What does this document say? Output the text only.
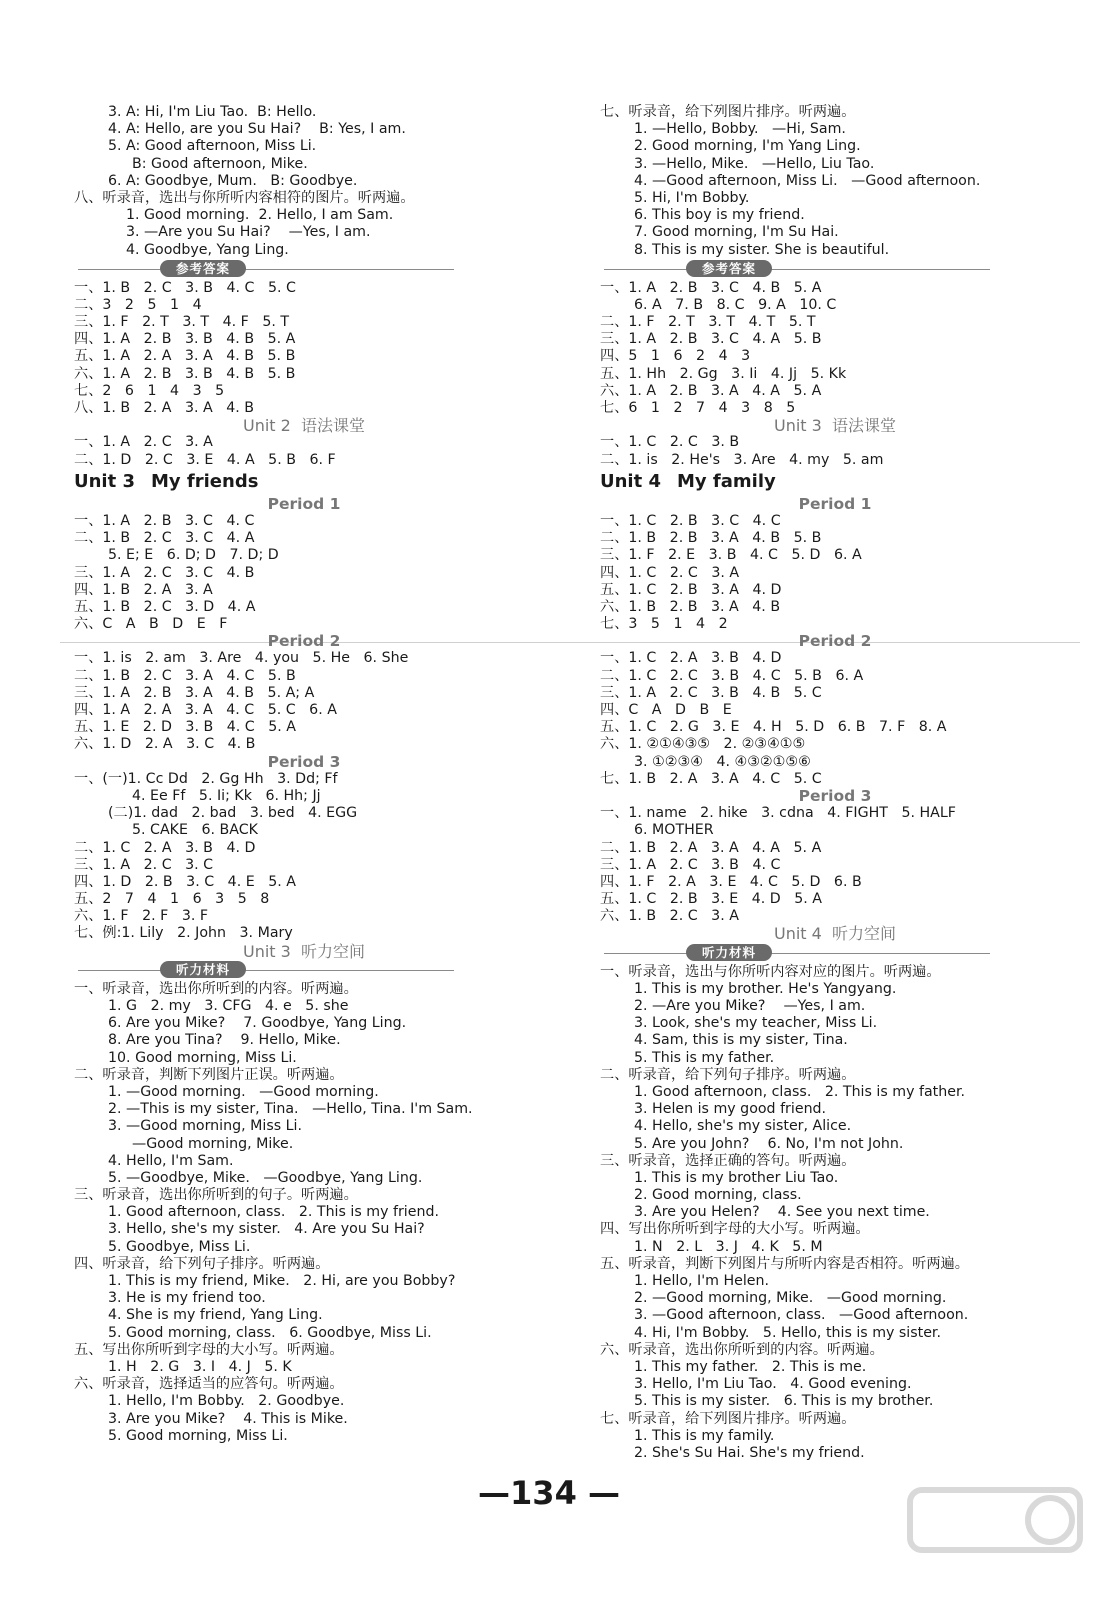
3. A: Hi, I'm Liu Tao.  B: Hello.
4. A: Hello, are you Su Hai?    B: Yes, I am.
5. A: Good afternoon, Miss Li.
B: Good afternoon, Mike.
6. A: Goodbye, Mum.   B: Goodbye.
八、听录音，选出与你所听内容相符的图片。听两遍。
1. Good morning.  2. Hello, I am Sam.
3. —Are you Su Hai?    —Yes, I am.
4. Goodbye, Yang Ling.
参考答案
一、1. B   2. C   3. B   4. C   5. C
二、3   2   5   1   4
三、1. F   2. T   3. T   4. F   5. T
四、1. A   2. B   3. B   4. B   5. A
五、1. A   2. A   3. A   4. B   5. B
六、1. A   2. B   3. B   4. B   5. B
七、2   6   1   4   3   5
八、1. B   2. A   3. A   4. B
Unit 2  语法课堂
一、1. A   2. C   3. A
二、1. D   2. C   3. E   4. A   5. B   6. F
Unit 3 My friends
Period 1
一、1. A   2. B   3. C   4. C
二、1. B   2. C   3. C   4. A
5. E; E   6. D; D   7. D; D
三、1. A   2. C   3. C   4. B
四、1. B   2. A   3. A
五、1. B   2. C   3. D   4. A
六、C   A   B   D   E   F
Period 2
一、1. is   2. am   3. Are   4. you   5. He   6. She
二、1. B   2. C   3. A   4. C   5. B
三、1. A   2. B   3. A   4. B   5. A; A
四、1. A   2. A   3. A   4. C   5. C   6. A
五、1. E   2. D   3. B   4. C   5. A
六、1. D   2. A   3. C   4. B
Period 3
一、(一)1. Cc Dd   2. Gg Hh   3. Dd; Ff
4. Ee Ff   5. Ii; Kk   6. Hh; Jj
(二)1. dad   2. bad   3. bed   4. EGG
5. CAKE   6. BACK
二、1. C   2. A   3. B   4. D
三、1. A   2. C   3. C
四、1. D   2. B   3. C   4. E   5. A
五、2   7   4   1   6   3   5   8
六、1. F   2. F   3. F
七、例:1. Lily   2. John   3. Mary
Unit 3  听力空间
听力材料
一、听录音，选出你所听到的内容。听两遍。
1. G   2. my   3. CFG   4. e   5. she
6. Are you Mike?    7. Goodbye, Yang Ling.
8. Are you Tina?    9. Hello, Mike.
10. Good morning, Miss Li.
二、听录音，判断下列图片正误。听两遍。
1. —Good morning.   —Good morning.
2. —This is my sister, Tina.   —Hello, Tina. I'm Sam.
3. —Good morning, Miss Li.
—Good morning, Mike.
4. Hello, I'm Sam.
5. —Goodbye, Mike.   —Goodbye, Yang Ling.
三、听录音，选出你所听到的句子。听两遍。
1. Good afternoon, class.   2. This is my friend.
3. Hello, she's my sister.   4. Are you Su Hai?
5. Goodbye, Miss Li.
四、听录音，给下列句子排序。听两遍。
1. This is my friend, Mike.   2. Hi, are you Bobby?
3. He is my friend too.
4. She is my friend, Yang Ling.
5. Good morning, class.   6. Goodbye, Miss Li.
五、写出你所听到字母的大小写。听两遍。
1. H   2. G   3. I   4. J   5. K
六、听录音，选择适当的应答句。听两遍。
1. Hello, I'm Bobby.   2. Goodbye.
3. Are you Mike?    4. This is Mike.
5. Good morning, Miss Li.
七、听录音，给下列图片排序。听两遍。
1. —Hello, Bobby.   —Hi, Sam.
2. Good morning, I'm Yang Ling.
3. —Hello, Mike.   —Hello, Liu Tao.
4. —Good afternoon, Miss Li.   —Good afternoon.
5. Hi, I'm Bobby.
6. This boy is my friend.
7. Good morning, I'm Su Hai.
8. This is my sister. She is beautiful.
参考答案
一、1. A   2. B   3. C   4. B   5. A
6. A   7. B   8. C   9. A   10. C
二、1. F   2. T   3. T   4. T   5. T
三、1. A   2. B   3. C   4. A   5. B
四、5   1   6   2   4   3
五、1. Hh   2. Gg   3. Ii   4. Jj   5. Kk
六、1. A   2. B   3. A   4. A   5. A
七、6   1   2   7   4   3   8   5
Unit 3  语法课堂
一、1. C   2. C   3. B
二、1. is   2. He's   3. Are   4. my   5. am
Unit 4 My family
Period 1
一、1. C   2. B   3. C   4. C
二、1. B   2. B   3. A   4. B   5. B
三、1. F   2. E   3. B   4. C   5. D   6. A
四、1. C   2. C   3. A
五、1. C   2. B   3. A   4. D
六、1. B   2. B   3. A   4. B
七、3   5   1   4   2
Period 2
一、1. C   2. A   3. B   4. D
二、1. C   2. C   3. B   4. C   5. B   6. A
三、1. A   2. C   3. B   4. B   5. C
四、C   A   D   B   E
五、1. C   2. G   3. E   4. H   5. D   6. B   7. F   8. A
六、1. ②①④③⑤   2. ②③④①⑤
3. ①②③④   4. ④③②①⑤⑥
七、1. B   2. A   3. A   4. C   5. C
Period 3
一、1. name   2. hike   3. cdna   4. FIGHT   5. HALF
6. MOTHER
二、1. B   2. A   3. A   4. A   5. A
三、1. A   2. C   3. B   4. C
四、1. F   2. A   3. E   4. C   5. D   6. B
五、1. C   2. B   3. E   4. D   5. A
六、1. B   2. C   3. A
Unit 4  听力空间
听力材料
一、听录音，选出与你所听内容对应的图片。听两遍。
1. This is my brother. He's Yangyang.
2. —Are you Mike?    —Yes, I am.
3. Look, she's my teacher, Miss Li.
4. Sam, this is my sister, Tina.
5. This is my father.
二、听录音，给下列句子排序。听两遍。
1. Good afternoon, class.   2. This is my father.
3. Helen is my good friend.
4. Hello, she's my sister, Alice.
5. Are you John?    6. No, I'm not John.
三、听录音，选择正确的答句。听两遍。
1. This is my brother Liu Tao.
2. Good morning, class.
3. Are you Helen?    4. See you next time.
四、写出你所听到字母的大小写。听两遍。
1. N   2. L   3. J   4. K   5. M
五、听录音，判断下列图片与所听内容是否相符。听两遍。
1. Hello, I'm Helen.
2. —Good morning, Mike.   —Good morning.
3. —Good afternoon, class.   —Good afternoon.
4. Hi, I'm Bobby.   5. Hello, this is my sister.
六、听录音，选出你所听到的内容。听两遍。
1. This my father.   2. This is me.
3. Hello, I'm Liu Tao.   4. Good evening.
5. This is my sister.   6. This is my brother.
七、听录音，给下列图片排序。听两遍。
1. This is my family.
2. She's Su Hai. She's my friend.
—134 —
